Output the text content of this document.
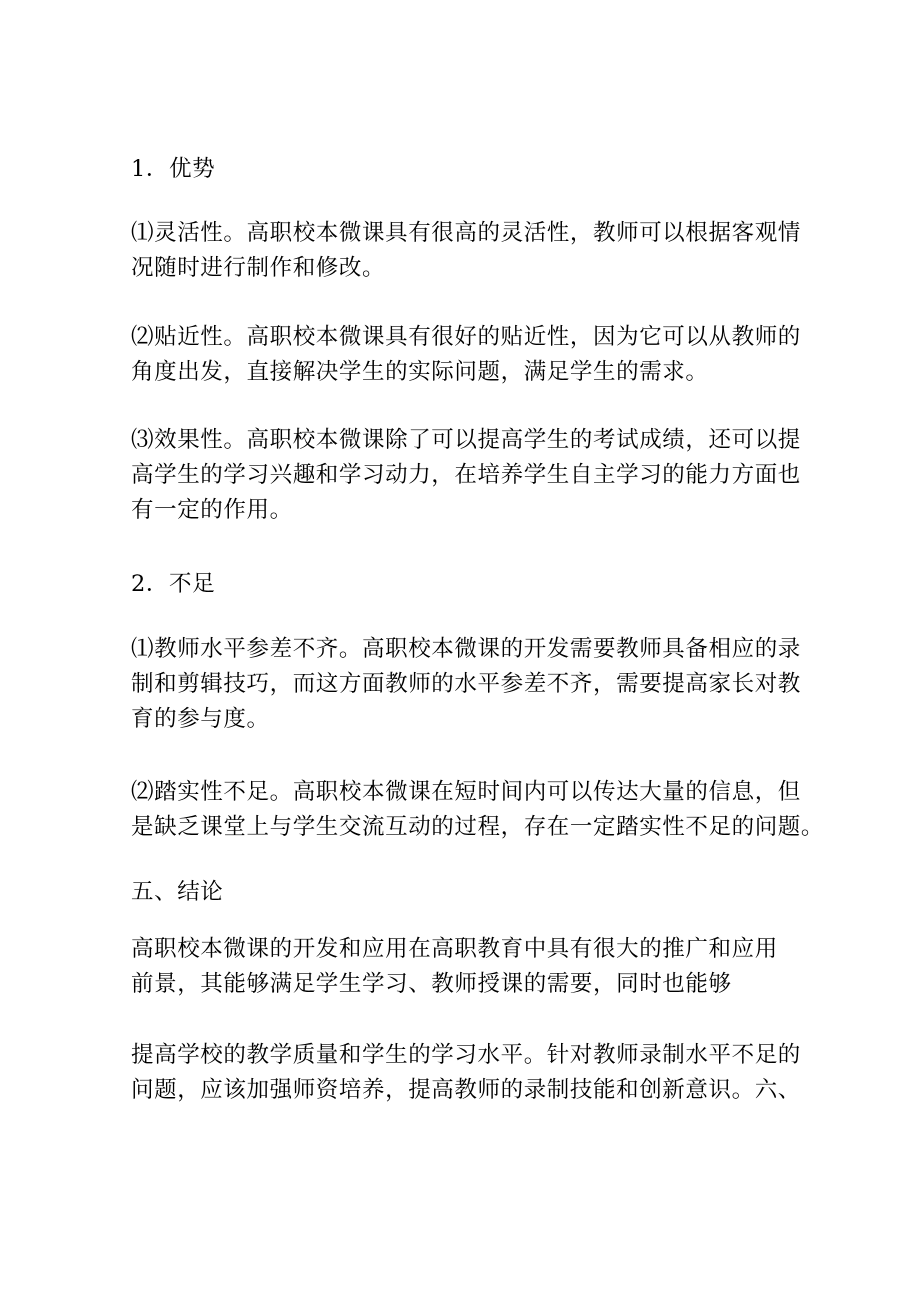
1．优势

⑴灵活性。高职校本微课具有很高的灵活性，教师可以根据客观情
况随时进行制作和修改。

⑵贴近性。高职校本微课具有很好的贴近性，因为它可以从教师的
角度出发，直接解决学生的实际问题，满足学生的需求。

⑶效果性。高职校本微课除了可以提高学生的考试成绩，还可以提
高学生的学习兴趣和学习动力，在培养学生自主学习的能力方面也
有一定的作用。

2．不足

⑴教师水平参差不齐。高职校本微课的开发需要教师具备相应的录
制和剪辑技巧，而这方面教师的水平参差不齐，需要提高家长对教
育的参与度。

⑵踏实性不足。高职校本微课在短时间内可以传达大量的信息，但
是缺乏课堂上与学生交流互动的过程，存在一定踏实性不足的问题。

五、结论

高职校本微课的开发和应用在高职教育中具有很大的推广和应用
前景，其能够满足学生学习、教师授课的需要，同时也能够

提高学校的教学质量和学生的学习水平。针对教师录制水平不足的
问题，应该加强师资培养，提高教师的录制技能和创新意识。六、
